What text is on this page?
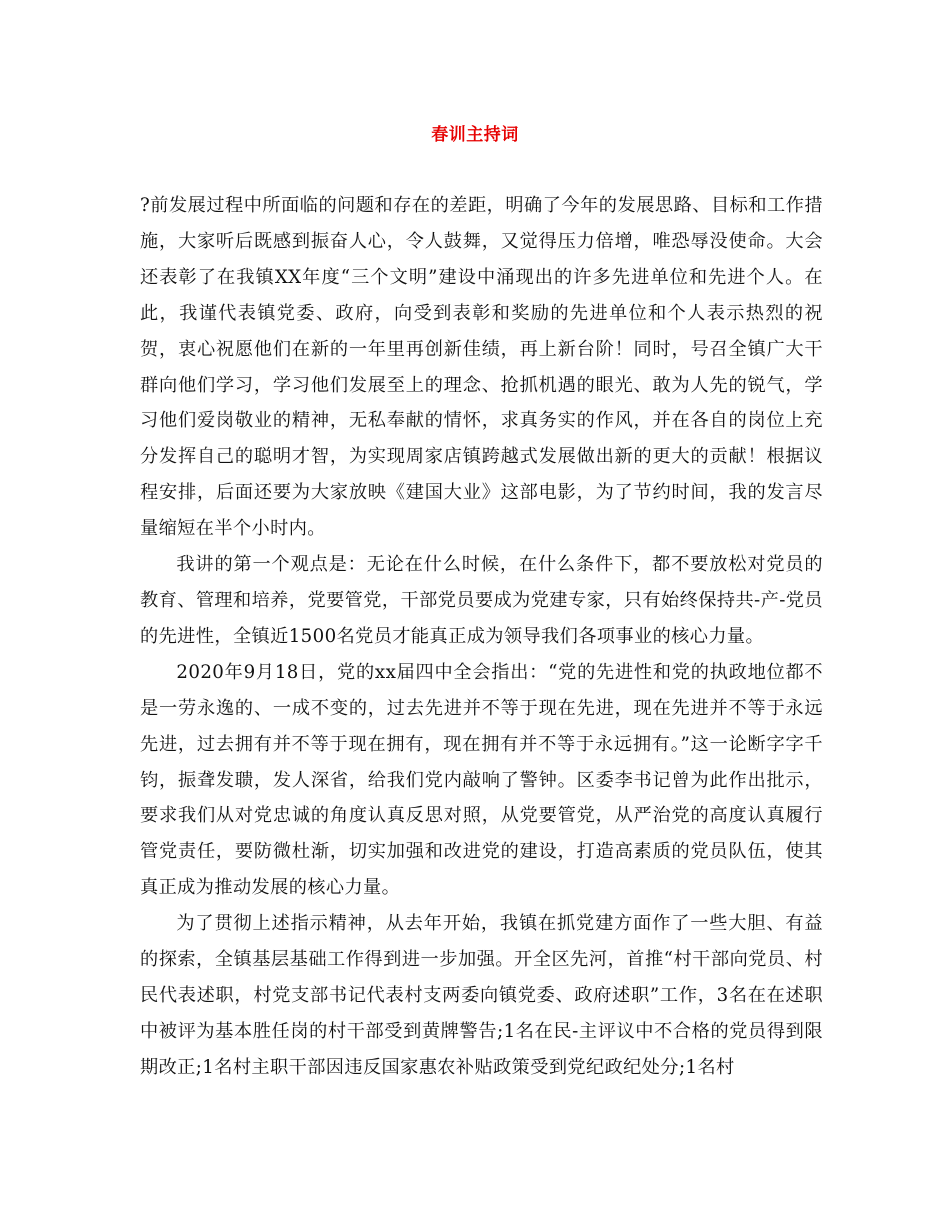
春训主持词

?前发展过程中所面临的问题和存在的差距，明确了今年的发展思路、目标和工作措施，大家听后既感到振奋人心，令人鼓舞，又觉得压力倍增，唯恐辱没使命。大会还表彰了在我镇XX年度“三个文明”建设中涌现出的许多先进单位和先进个人。在此，我谨代表镇党委、政府，向受到表彰和奖励的先进单位和个人表示热烈的祝贺，衷心祝愿他们在新的一年里再创新佳绩，再上新台阶！同时，号召全镇广大干群向他们学习，学习他们发展至上的理念、抢抓机遇的眼光、敢为人先的锐气，学习他们爱岗敬业的精神，无私奉献的情怀，求真务实的作风，并在各自的岗位上充分发挥自己的聪明才智，为实现周家店镇跨越式发展做出新的更大的贡献！根据议程安排，后面还要为大家放映《建国大业》这部电影，为了节约时间，我的发言尽量缩短在半个小时内。

我讲的第一个观点是：无论在什么时候，在什么条件下，都不要放松对党员的教育、管理和培养，党要管党，干部党员要成为党建专家，只有始终保持共-产-党员的先进性，全镇近1500名党员才能真正成为领导我们各项事业的核心力量。

2020年9月18日，党的xx届四中全会指出：“党的先进性和党的执政地位都不是一劳永逸的、一成不变的，过去先进并不等于现在先进，现在先进并不等于永远先进，过去拥有并不等于现在拥有，现在拥有并不等于永远拥有。”这一论断字字千钧，振聋发聩，发人深省，给我们党内敲响了警钟。区委李书记曾为此作出批示，要求我们从对党忠诚的角度认真反思对照，从党要管党，从严治党的高度认真履行管党责任，要防微杜渐，切实加强和改进党的建设，打造高素质的党员队伍，使其真正成为推动发展的核心力量。

为了贯彻上述指示精神，从去年开始，我镇在抓党建方面作了一些大胆、有益的探索，全镇基层基础工作得到进一步加强。开全区先河，首推“村干部向党员、村民代表述职，村党支部书记代表村支两委向镇党委、政府述职”工作，3名在在述职中被评为基本胜任岗的村干部受到黄牌警告;1名在民-主评议中不合格的党员得到限期改正;1名村主职干部因违反国家惠农补贴政策受到党纪政纪处分;1名村
